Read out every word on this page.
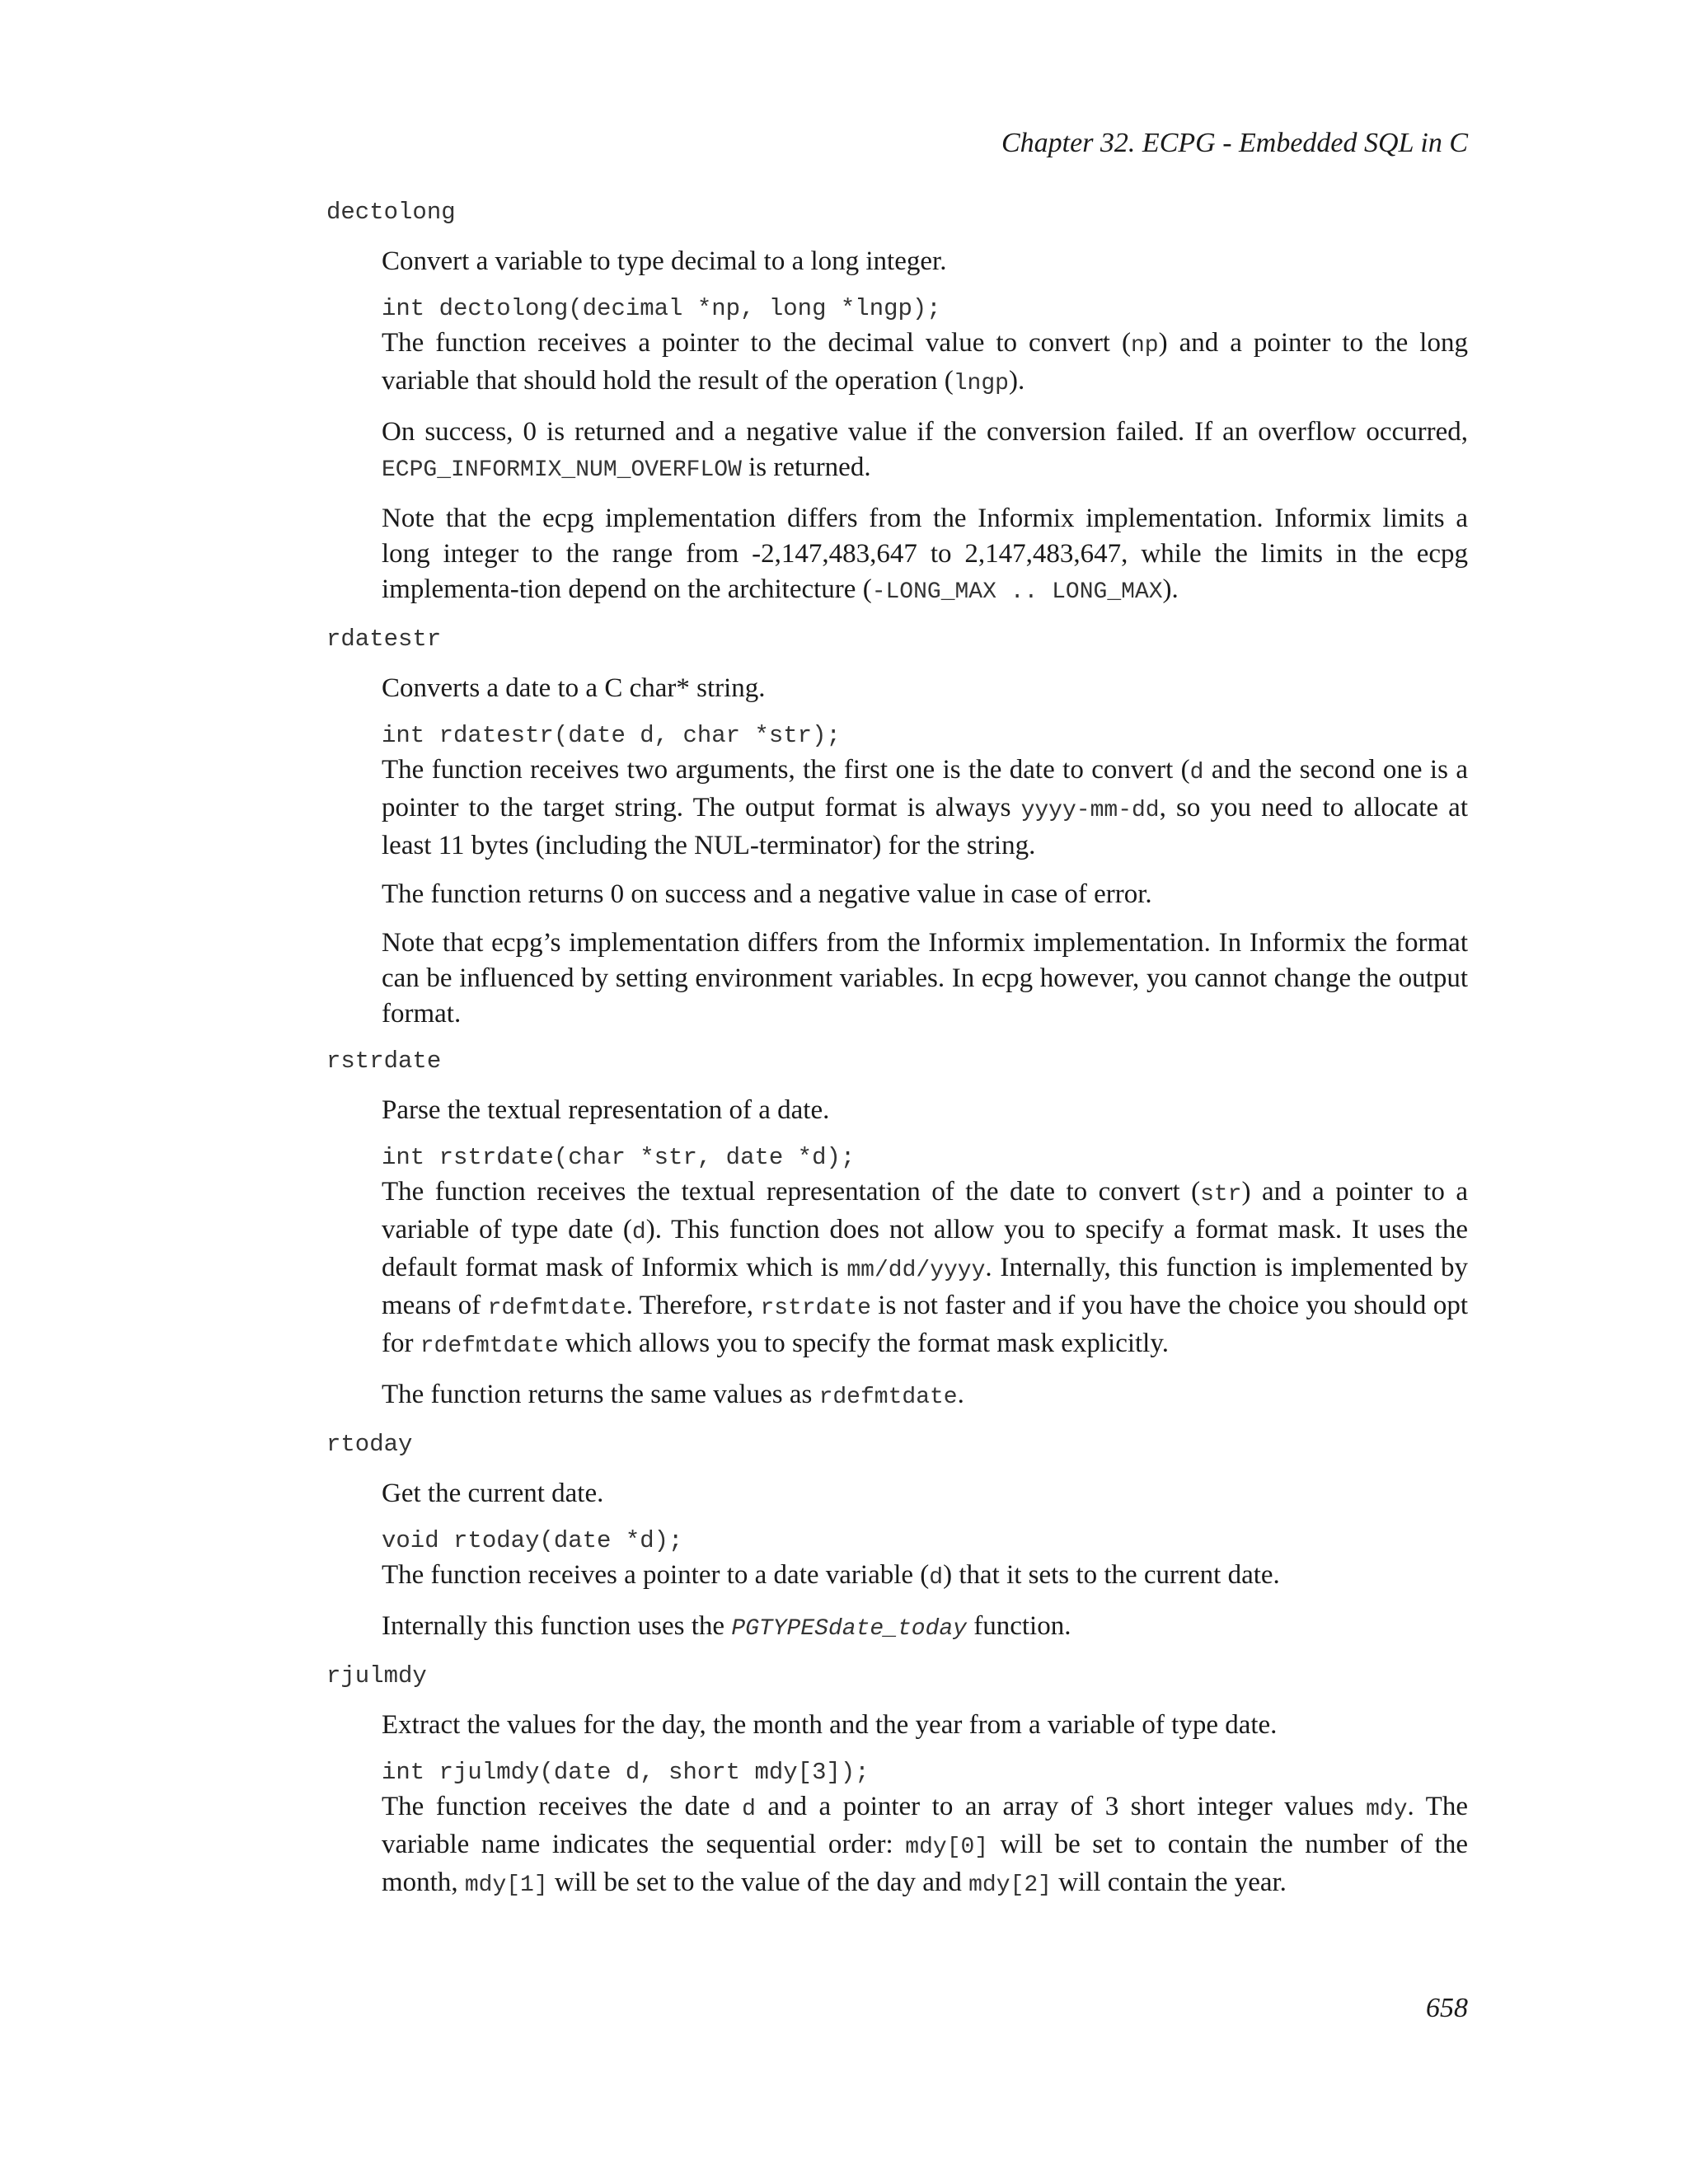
Chapter 32. ECPG - Embedded SQL in C
dectolong

Convert a variable to type decimal to a long integer.

int dectolong(decimal *np, long *lngp);

The function receives a pointer to the decimal value to convert (np) and a pointer to the long variable that should hold the result of the operation (lngp).

On success, 0 is returned and a negative value if the conversion failed. If an overflow occurred, ECPG_INFORMIX_NUM_OVERFLOW is returned.

Note that the ecpg implementation differs from the Informix implementation. Informix limits a long integer to the range from -2,147,483,647 to 2,147,483,647, while the limits in the ecpg implementa-tion depend on the architecture (-LONG_MAX .. LONG_MAX).

rdatestr

Converts a date to a C char* string.

int rdatestr(date d, char *str);

The function receives two arguments, the first one is the date to convert (d and the second one is a pointer to the target string. The output format is always yyyy-mm-dd, so you need to allocate at least 11 bytes (including the NUL-terminator) for the string.

The function returns 0 on success and a negative value in case of error.

Note that ecpg’s implementation differs from the Informix implementation. In Informix the format can be influenced by setting environment variables. In ecpg however, you cannot change the output format.

rstrdate

Parse the textual representation of a date.

int rstrdate(char *str, date *d);

The function receives the textual representation of the date to convert (str) and a pointer to a variable of type date (d). This function does not allow you to specify a format mask. It uses the default format mask of Informix which is mm/dd/yyyy. Internally, this function is implemented by means of rdefmtdate. Therefore, rstrdate is not faster and if you have the choice you should opt for rdefmtdate which allows you to specify the format mask explicitly.

The function returns the same values as rdefmtdate.

rtoday

Get the current date.

void rtoday(date *d);

The function receives a pointer to a date variable (d) that it sets to the current date.

Internally this function uses the PGTYPESdate_today function.

rjulmdy

Extract the values for the day, the month and the year from a variable of type date.

int rjulmdy(date d, short mdy[3]);

The function receives the date d and a pointer to an array of 3 short integer values mdy. The variable name indicates the sequential order: mdy[0] will be set to contain the number of the month, mdy[1] will be set to the value of the day and mdy[2] will contain the year.

658
